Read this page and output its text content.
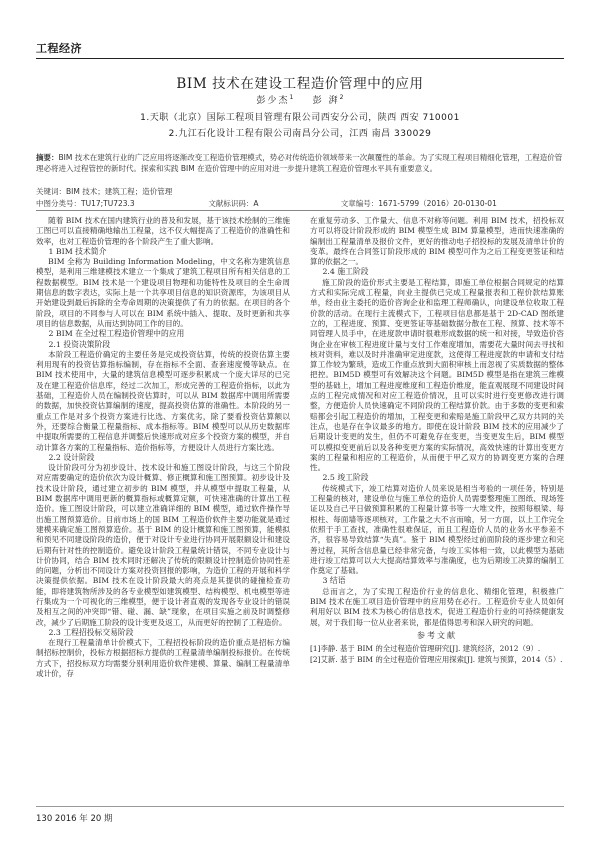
工程经济
BIM 技术在建设工程造价管理中的应用
彭少杰$^1$ 彭 湃$^2$
1.天职（北京）国际工程项目管理有限公司西安分公司，陕西 西安 710001
2.九江石化设计工程有限公司南昌分公司，江西 南昌 330029
摘要：BIM 技术在建筑行业的广泛应用将逐渐改变工程造价管理模式，势必对传统造价领域带来一次颠覆性的革命。为了实现工程项目精细化管理，工程造价管理必将进入过程管控的新时代。探索和实践 BIM 在造价管理中的应用对进一步提升建筑工程造价管理水平具有重要意义。
关键词：BIM 技术；建筑工程；造价管理
中图分类号：TU17;TU723.3	文献标识码：A	文章编号：1671-5799（2016）20-0130-01

随着 BIM 技术在国内建筑行业的普及和发展，基于该技术绘制的三维施工图已可以直接精确地输出工程量，这不仅大幅提高了工程造价的准确性和效率，也对工程造价管理的各个阶段产生了重大影响。

1 BIM 技术简介

BIM 全称为 Building Information Modeling，中文名称为建筑信息模型，是利用三维建模技术建立一个集成了建筑工程项目所有相关信息的工程数据模型。BIM 技术是一个建设项目物理和功能特性及项目的全生命周期信息的数字表达，实际上是一个共享项目信息的知识资源库，为该项目从开始建设到最后拆除的全寿命周期的决策提供了有力的依据。在项目的各个阶段，项目的不同参与人可以在 BIM 系统中插入、提取、及时更新和共享项目的信息数据，从而达到协同工作的目的。

2 BIM 在全过程工程造价管理中的应用

2.1 投资决策阶段

本阶段工程造价确定的主要任务是完成投资估算，传统的投资估算主要利用现有的投资估算指标编制，存在指标不全面、查套速度慢等缺点。在 BIM 技术使用中，大量的建筑信息模型可逐步积累成一个庞大详尽的已完及在建工程造价信息库，经过二次加工，形成完善的工程造价指标，以此为基础，工程造价人员在编制投资估算时，可以从 BIM 数据库中调用所需要的数据，加快投资估算编制的速度，提高投资估算的准确性。本阶段的另一重点工作是对多个投资方案进行比选、方案优劣，除了要看投资估算额以外，还要综合衡量工程量指标、成本指标等。BIM 模型可以从历史数据库中提取所需要的工程信息并调整后快速形成对应多个投资方案的模型，并自动计算各方案的工程量指标、造价指标等，方便设计人员进行方案比选。

2.2 设计阶段

设计阶段可分为初步设计、技术设计和施工图设计阶段，与这三个阶段对应需要确定的造价依次为设计概算、修正概算和施工图预算。初步设计及技术设计阶段，通过建立初步的 BIM 模型，并从模型中提取工程量，从 BIM 数据库中调用更新的概算指标或概算定额，可快速准确的计算出工程造价。施工图设计阶段，可以建立准确详细的 BIM 模型，通过软件操作导出施工图预算造价。目前市场上的国 BIM 工程造价软件主要功能就是通过建模来确定施工图预算造价。基于 BIM 的设计概算和施工图预算，能模拟和预见不同建设阶段的造价，便于对设计专业进行协同开展限额设计和建设后期有针对性的控制造价。避免设计阶段工程量统计错误，不同专业设计与计价协同，结合 BIM 技术同时还解决了传统的限额设计控制造价协同性差的问题，分析出不同设计方案对投资回报的影响，为造价工程的开展和科学决策提供依据。BIM 技术在设计阶段最大的亮点是其提供的碰撞检查功能，即将建筑物所涉及的各专业模型如建筑模型、结构模型、机电模型等进行集成为一个可视化的三维模型，便于设计者直观的发现各专业设计的错误及相互之间的冲突即“错、碰、漏、缺”现象，在项目实施之前及时调整修改，减少了后期施工阶段的设计变更及返工，从而更好的控制了工程造价。

2.3 工程招投标交易阶段

在现行工程量清单计价模式下，工程招投标阶段的造价重点是招标方编制招标控制价，投标方根据招标方提供的工程量清单编制投标报价。在传统方式下，招投标双方均需要分别利用造价软件建模、算量、编制工程量清单或计价，存

在重复劳动多、工作量大、信息不对称等问题。利用 BIM 技术，招投标双方可以将设计阶段形成的 BIM 模型生成 BIM 算量模型，进而快速准确的编制出工程量清单及报价文件，更好的推动电子招投标的发展及清单计价的变革。最终在合同签订阶段形成的 BIM 模型可作为之后工程变更签证和结算的依据之一。

2.4 施工阶段

施工阶段的造价形式主要是工程结算，即施工单位根据合同规定的结算方式和实际完成工程量，向业主提供已完成工程量报表和工程价款结算账单，经由业主委托的造价咨询企业和监理工程师确认，向建设单位收取工程价款的活动。在现行主流模式下，工程项目信息都是基于 2D-CAD 图纸建立的，工程进度、预算、变更签证等基础数据分散在工程、预算、技术等不同管理人员手中，在进度款申请时很难形成数据的统一和对接，导致造价咨询企业在审核工程进度计量与支付工作难度增加，需要花大量时间去寻找和核对资料，难以及时并准确审定进度款，这使得工程进度款的申请和支付结算工作较为繁琐，造成工作重点放到大面积审核上而忽视了实质数据的整体把控。BIM5D 模型可有效解决这个问题。BIM5D 模型是指在建筑三维模型的基础上，增加工程进度维度和工程造价维度，能直观展现不同建设时间点的工程完成情况和对应工程造价情况，且可以实时进行变更修改进行调整，方便造价人员快速确定不同阶段的工程结算价款。由于多数的变更和索赔都会引起工程造价的增加，工程变更和索赔是施工阶段甲乙双方共同的关注点，也是存在争议最多的地方。即使在设计阶段 BIM 技术的应用减少了后期设计变更的发生，但仍不可避免存在变更，当变更发生后，BIM 模型可以模拟变更前后以及各种变更方案的实际情况，高效快速的计算出变更方案的工程量和相应的工程造价，从而便于甲乙双方的协调变更方案的合理性。

2.5 竣工阶段

传统模式下，竣工结算对造价人员来说是相当考验的一项任务，特别是工程量的核对，建设单位与施工单位的造价人员需要整理施工图纸、现场签证以及自己平日做预算积累的工程量计算书等一大堆文件，按照每根梁、每根柱、每面墙等逐项核对，工作量之大不言而喻，另一方面，以上工作完全依照于手工查找，准确性很难保证，而且工程造价人员的业务水平参差不齐，很容易导致结算“失真”。鉴于 BIM 模型经过前面阶段的逐步建立和完善过程，其所含信息量已经非常完备，与竣工实体相一致，以此模型为基础进行竣工结算可以大大提高结算效率与准确度，也为后期竣工决算的编制工作奠定了基础。

3 结语

总而言之，为了实现工程造价行业的信息化、精细化管理，积极推广 BIM 技术在施工项目造价管理中的应用势在必行。工程造价专业人员如何利用好以 BIM 技术为核心的信息技术，促进工程造价行业的可持续健康发展，对于我们每一位从业者来说，都是值得思考和深入研究的问题。

参考文献

[1]李静. 基于 BIM 的全过程造价管理研究[J]. 建筑经济，2012（9）.

[2]艾新. 基于 BIM 的全过程造价管理应用探索[J]. 建筑与预算，2014（5）.

130 2016 年 20 期
